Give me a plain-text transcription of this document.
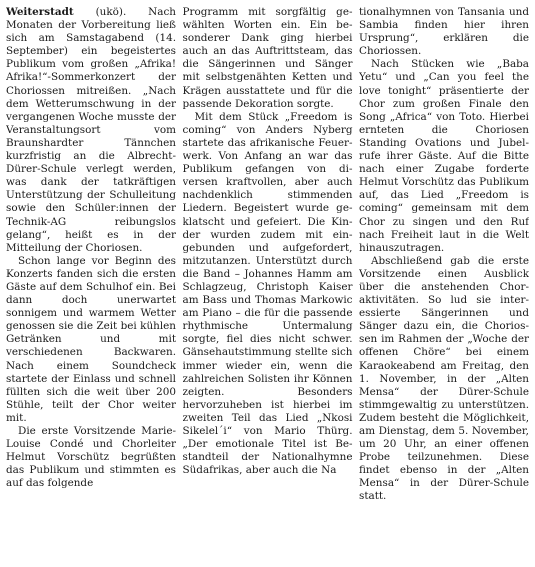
Weiterstadt (ukö). Nach Monaten der Vorbereitung ließ sich am Samstagabend (14. September) ein begeistertes Publikum vom großen „Afrika! Afrika!“-Sommerkonzert der Choriossen mitreißen. „Nach dem Wetterumschwung in der vergangenen Woche musste der Veranstaltungsort vom Braunshardter Tännchen kurzfristig an die Albrecht-Dürer-Schule verlegt werden, was dank der tatkräftigen Unterstützung der Schulleitung sowie den Schüler:innen der Technik-AG reibungslos gelang“, heißt es in der Mitteilung der Choriosen.

Schon lange vor Beginn des Konzerts fanden sich die ersten Gäste auf dem Schulhof ein. Bei dann doch unerwartet sonnigem und warmem Wetter genossen sie die Zeit bei kühlen Getränken und mit verschiedenen Backwaren. Nach einem Soundcheck startete der Einlass und schnell füllten sich die weit über 200 Stühle, teilt der Chor weiter mit.

Die erste Vorsitzende Marie-Louise Condé und Chorleiter Helmut Vorschütz begrüßten das Publikum und stimmten es auf das folgende

Programm mit sorgfältig gewählten Worten ein. Ein besonderer Dank ging hierbei auch an das Auftrittsteam, das die Sängerinnen und Sänger mit selbstgenähten Ketten und Krägen ausstattete und für die passende Dekoration sorgte.

Mit dem Stück „Freedom is coming“ von Anders Nyberg startete das afrikanische Feuerwerk. Von Anfang an war das Publikum gefangen von diversen kraftvollen, aber auch nachdenklich stimmenden Liedern. Begeistert wurde geklatscht und gefeiert. Die Kinder wurden zudem mit eingebunden und aufgefordert, mitzutanzen. Unterstützt durch die Band – Johannes Hamm am Schlagzeug, Christoph Kaiser am Bass und Thomas Markowic am Piano – die für die passende rhythmische Untermalung sorgte, fiel dies nicht schwer. Gänsehautstimmung stellte sich immer wieder ein, wenn die zahlreichen Solisten ihr Können zeigten. Besonders hervorzuheben ist hierbei im zweiten Teil das Lied „Nkosi Sikelel´i“ von Mario Thürg. „Der emotionale Titel ist Bestandteil der Nationalhymne Südafrikas, aber auch die Na

tionalhymnen von Tansania und Sambia finden hier ihren Ursprung“, erklären die Choriossen.

Nach Stücken wie „Baba Yetu“ und „Can you feel the love tonight“ präsentierte der Chor zum großen Finale den Song „Africa“ von Toto. Hierbei ernteten die Choriosen Standing Ovations und Jubelrufe ihrer Gäste. Auf die Bitte nach einer Zugabe forderte Helmut Vorschütz das Publikum auf, das Lied „Freedom is coming“ gemeinsam mit dem Chor zu singen und den Ruf nach Freiheit laut in die Welt hinauszutragen.

Abschließend gab die erste Vorsitzende einen Ausblick über die anstehenden Choraktivitäten. So lud sie interessierte Sängerinnen und Sänger dazu ein, die Choriossen im Rahmen der „Woche der offenen Chöre“ bei einem Karaokeabend am Freitag, den 1. November, in der „Alten Mensa“ der Dürer-Schule stimmgewaltig zu unterstützen. Zudem besteht die Möglichkeit, am Dienstag, dem 5. November, um 20 Uhr, an einer offenen Probe teilzunehmen. Diese findet ebenso in der „Alten Mensa“ in der Dürer-Schule statt.
